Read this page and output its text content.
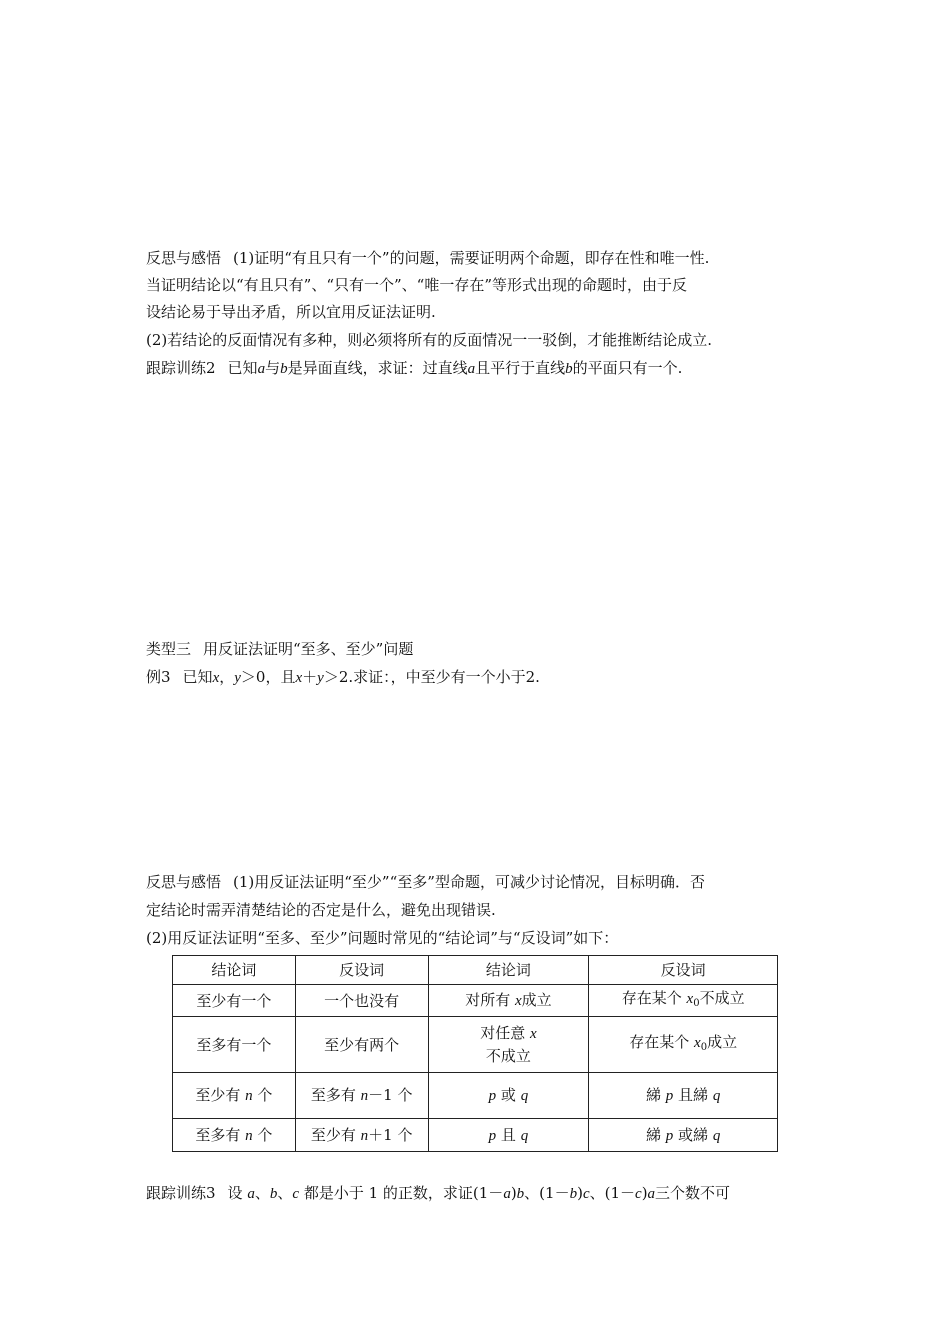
反思与感悟 (1)证明“有且只有一个”的问题，需要证明两个命题，即存在性和唯一性.
当证明结论以“有且只有”、“只有一个”、“唯一存在”等形式出现的命题时，由于反
设结论易于导出矛盾，所以宜用反证法证明.
(2)若结论的反面情况有多种，则必须将所有的反面情况一一驳倒，才能推断结论成立.
跟踪训练2 已知a与b是异面直线，求证：过直线a且平行于直线b的平面只有一个.
类型三 用反证法证明“至多、至少”问题
例3 已知x，y＞0，且x＋y＞2.求证：，中至少有一个小于2.
反思与感悟 (1)用反证法证明“至少”“至多”型命题，可减少讨论情况，目标明确．否
定结论时需弄清楚结论的否定是什么，避免出现错误.
(2)用反证法证明“至多、至少”问题时常见的“结论词”与“反设词”如下：
结论词	反设词	结论词	反设词
至少有一个	一个也没有	对所有 x成立	存在某个 $x_0$不成立
至多有一个	至少有两个	对任意 x
不成立	存在某个 $x_0$成立
至少有 n 个	至多有 n－1 个	p 或 q	綈 p 且綈 q
至多有 n 个	至少有 n＋1 个	p 且 q	綈 p 或綈 q
跟踪训练3 设 a、b、c 都是小于 1 的正数，求证(1－a)b、(1－b)c、(1－c)a三个数不可
